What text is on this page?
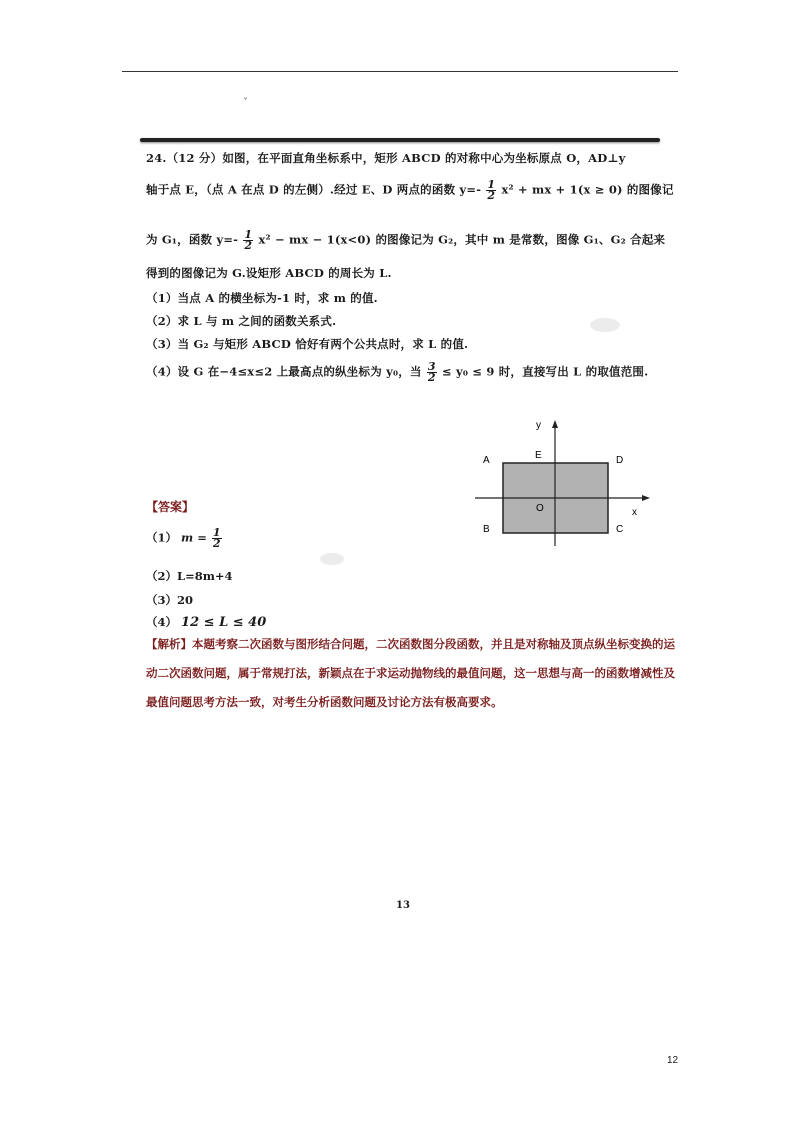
ˇ
24.（12 分）如图，在平面直角坐标系中，矩形 ABCD 的对称中心为坐标原点 O，AD⊥y
轴于点 E，（点 A 在点 D 的左侧）.经过 E、D 两点的函数 $y=- \frac{1}{2} x^2$ + mx + 1(x ≥ 0) 的图像记
为 G₁，函数 $y=- \frac{1}{2} x^2$ − mx − 1(x<0) 的图像记为 G₂，其中 m 是常数，图像 G₁、G₂ 合起来
得到的图像记为 G.设矩形 ABCD 的周长为 L.
（1）当点 A 的横坐标为-1 时，求 m 的值.
（2）求 L 与 m 之间的函数关系式.
（3）当 G₂ 与矩形 ABCD 恰好有两个公共点时，求 L 的值.
（4）设 G 在−4≤x≤2 上最高点的纵坐标为 y₀，当 $\frac{3}{2} \le y_0 \le 9$ 时，直接写出 L 的取值范围.
y
x
A	E	D
O
B	C
【答案】
（1） $m = \frac{1}{2}$
（2）L=8m+4
（3）20
（4） 12 ≤ L ≤ 40
【解析】本题考察二次函数与图形结合问题，二次函数图分段函数，并且是对称轴及顶点纵坐标变换的运动二次函数问题，属于常规打法，新颖点在于求运动抛物线的最值问题，这一思想与高一的函数增减性及最值问题思考方法一致，对考生分析函数问题及讨论方法有极高要求。
13
12
